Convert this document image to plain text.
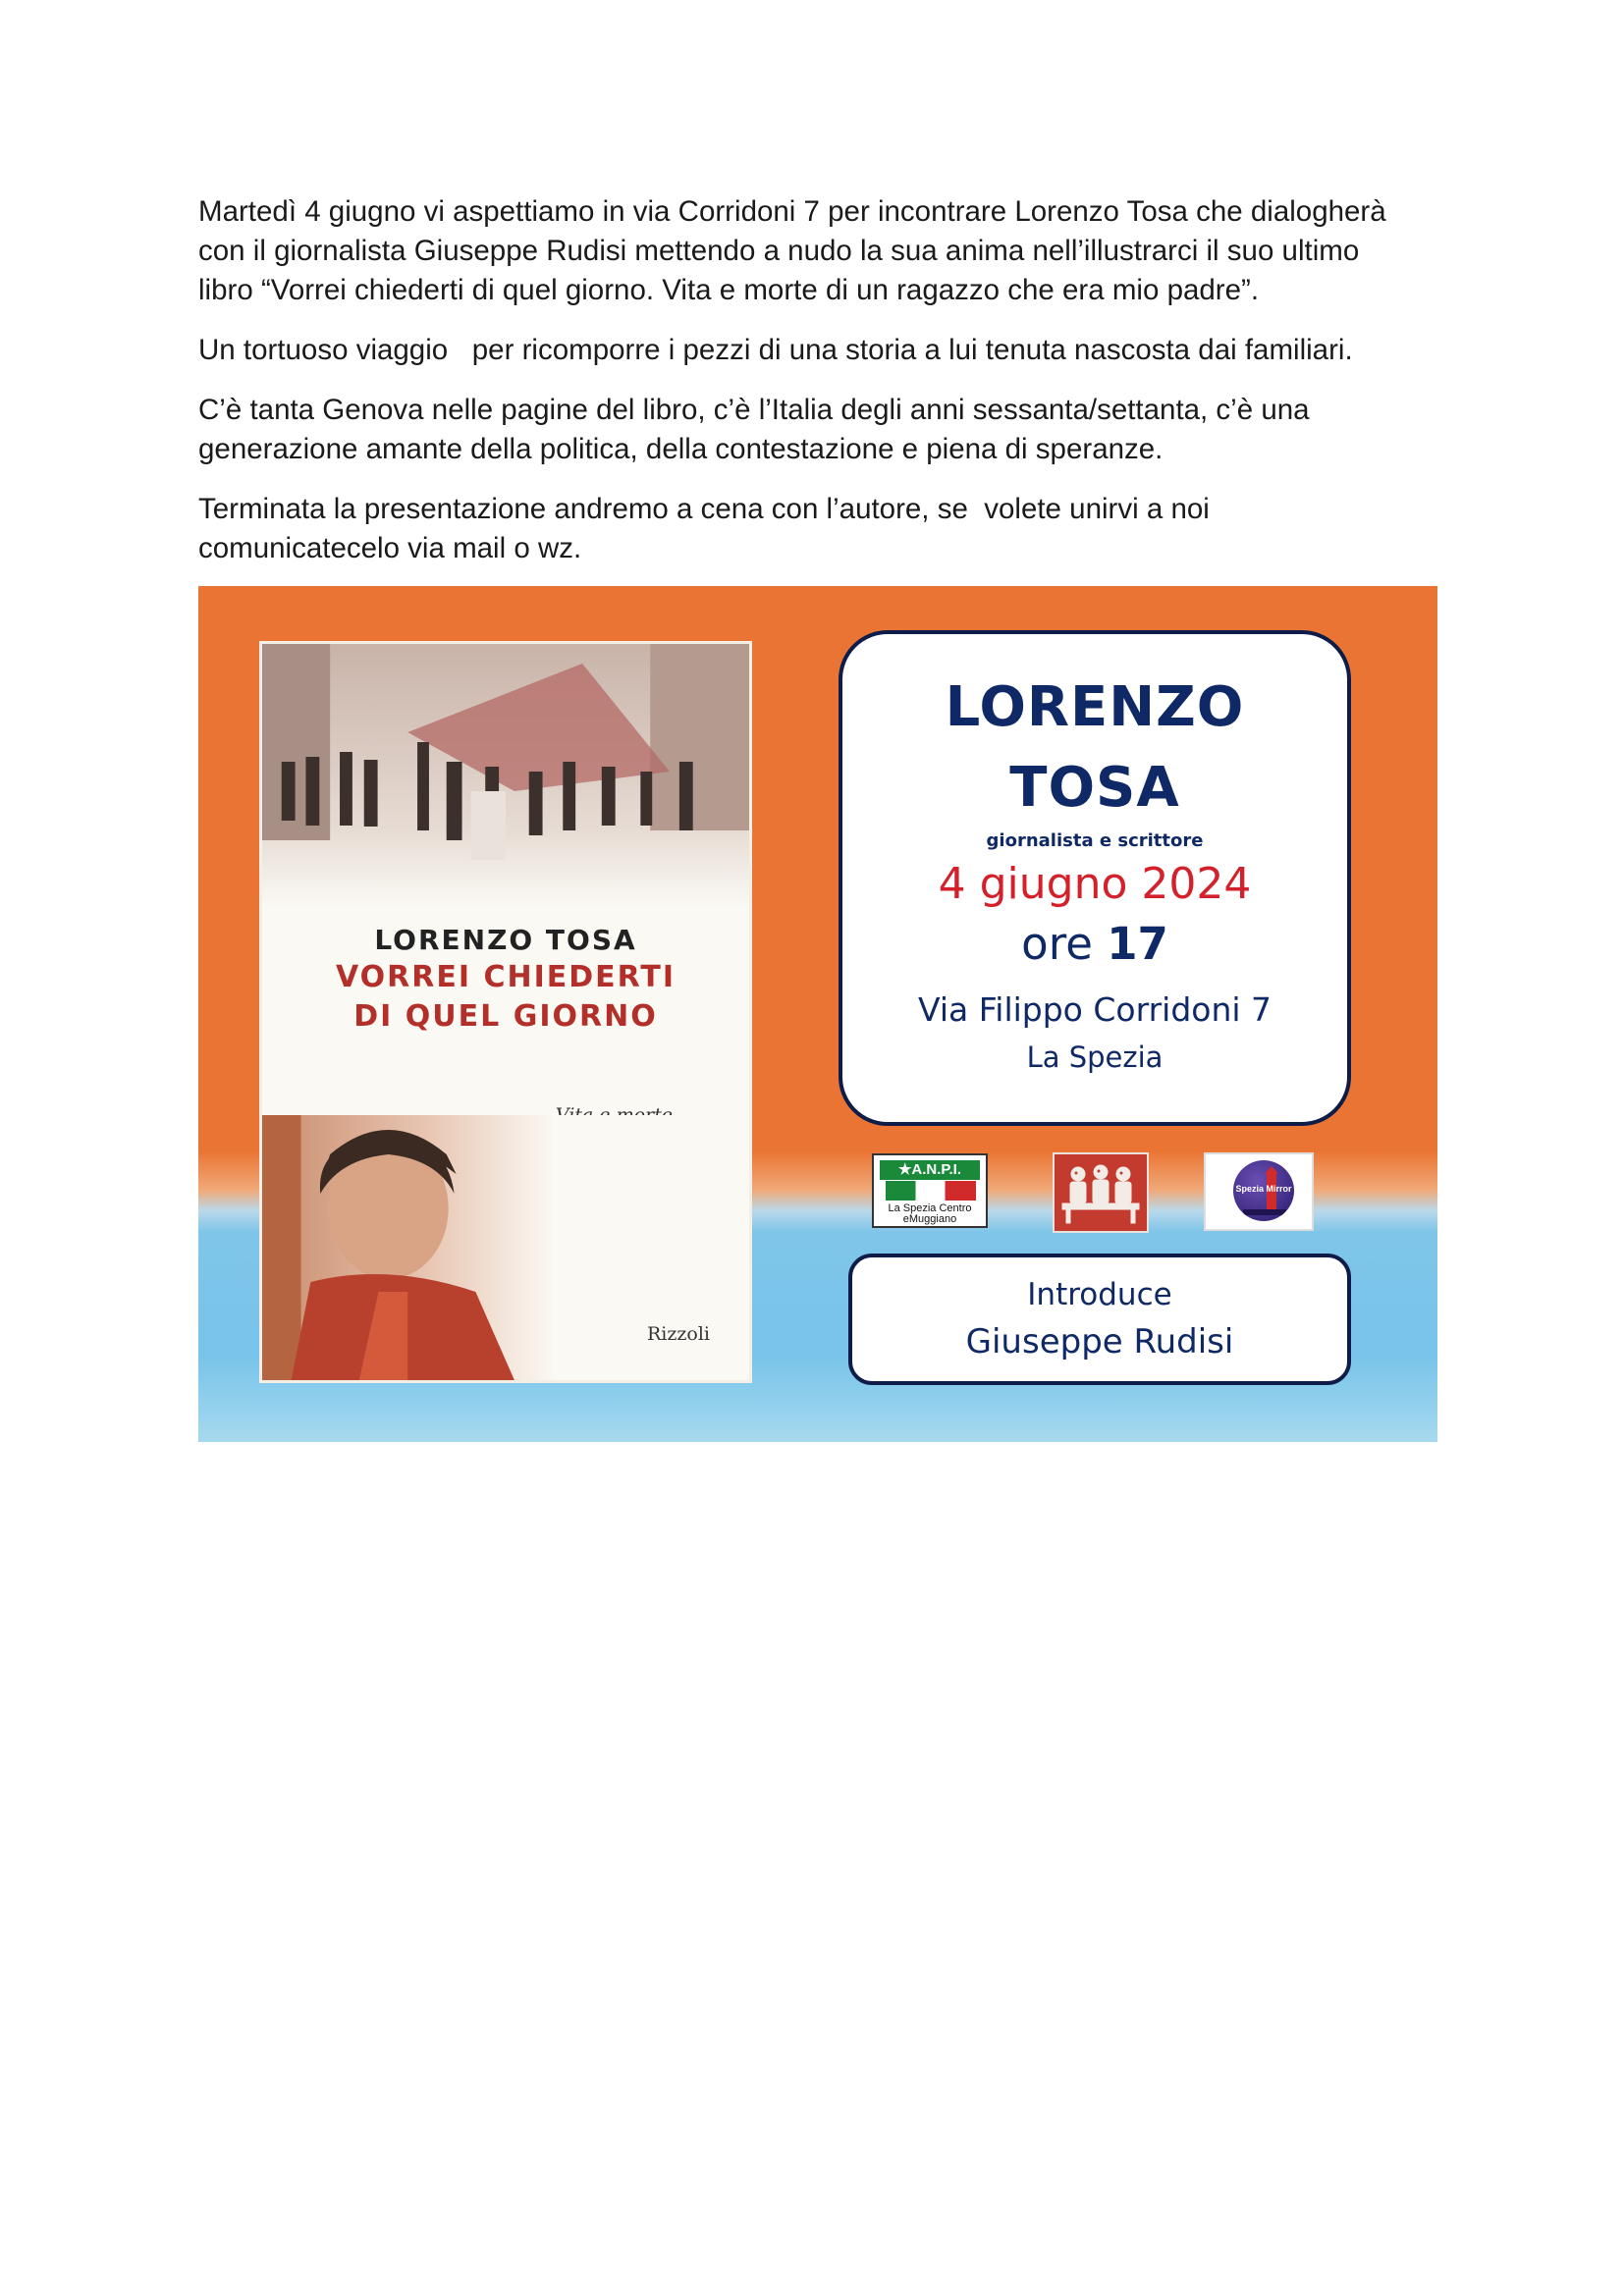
Martedì 4 giugno vi aspettiamo in via Corridoni 7 per incontrare Lorenzo Tosa che dialogherà
con il giornalista Giuseppe Rudisi mettendo a nudo la sua anima nell’illustrarci il suo ultimo
libro “Vorrei chiederti di quel giorno. Vita e morte di un ragazzo che era mio padre”.

Un tortuoso viaggio   per ricomporre i pezzi di una storia a lui tenuta nascosta dai familiari.

C’è tanta Genova nelle pagine del libro, c’è l’Italia degli anni sessanta/settanta, c’è una
generazione amante della politica, della contestazione e piena di speranze.

Terminata la presentazione andremo a cena con l’autore, se  volete unirvi a noi
comunicatecelo via mail o wz.

LORENZO TOSA
VORREI CHIEDERTI
DI QUEL GIORNO
Rizzoli
LORENZO
TOSA
giornalista e scrittore
4 giugno 2024
ore 17
Via Filippo Corridoni 7
La Spezia
★A.N.P.I.
La Spezia Centro
eMuggiano
Spezia Mirror
Introduce
Giuseppe Rudisi
